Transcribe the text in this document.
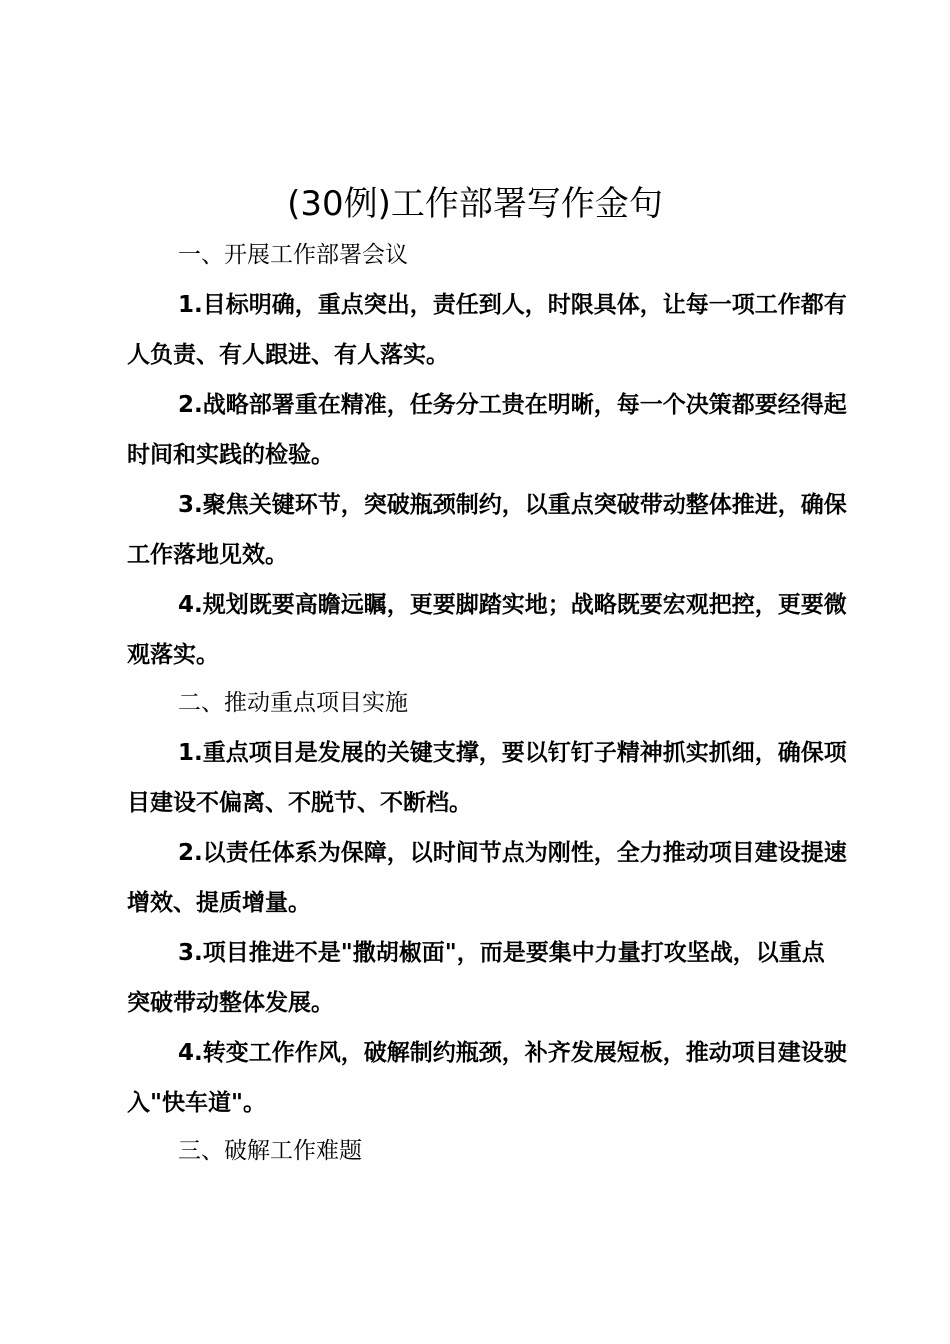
(30例)工作部署写作金句
一、开展工作部署会议

1.目标明确，重点突出，责任到人，时限具体，让每一项工作都有人负责、有人跟进、有人落实。

2.战略部署重在精准，任务分工贵在明晰，每一个决策都要经得起时间和实践的检验。

3.聚焦关键环节，突破瓶颈制约，以重点突破带动整体推进，确保工作落地见效。

4.规划既要高瞻远瞩，更要脚踏实地；战略既要宏观把控，更要微观落实。

二、推动重点项目实施

1.重点项目是发展的关键支撑，要以钉钉子精神抓实抓细，确保项目建设不偏离、不脱节、不断档。

2.以责任体系为保障，以时间节点为刚性，全力推动项目建设提速增效、提质增量。

3.项目推进不是"撒胡椒面"，而是要集中力量打攻坚战，以重点突破带动整体发展。

4.转变工作作风，破解制约瓶颈，补齐发展短板，推动项目建设驶入"快车道"。

三、破解工作难题
